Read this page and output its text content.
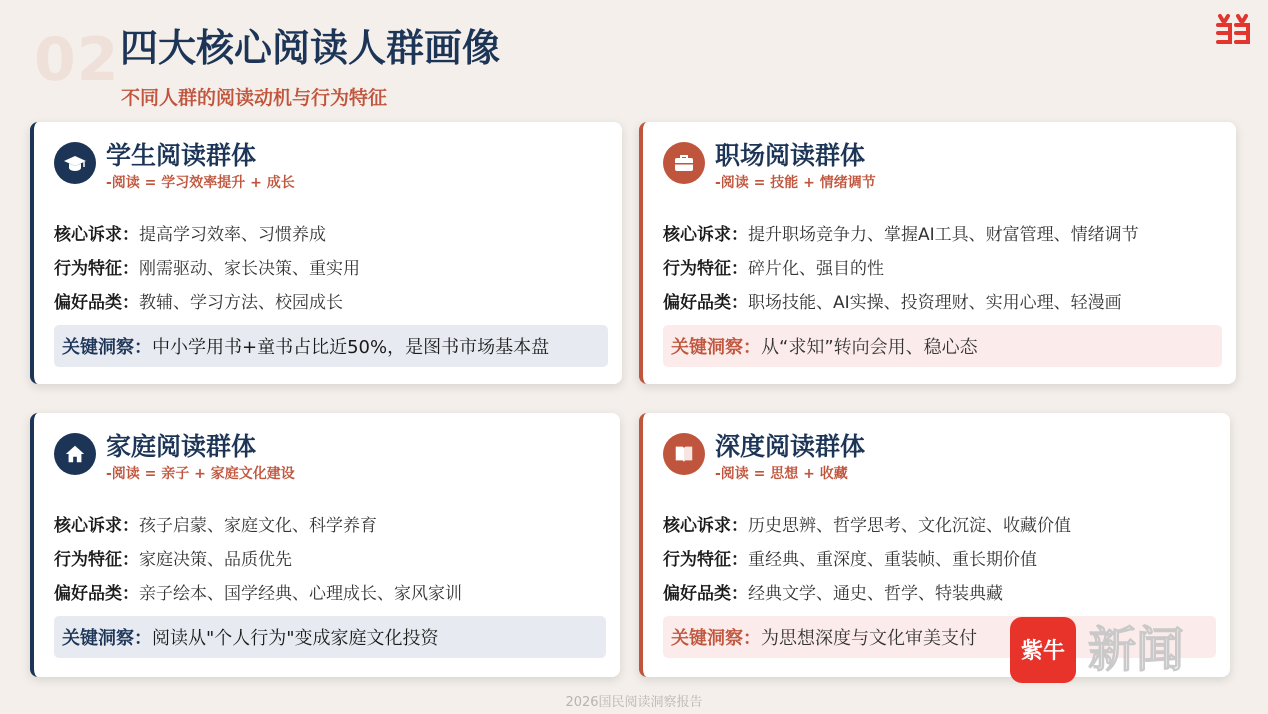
02 四大核心阅读人群画像
不同人群的阅读动机与行为特征
学生阅读群体
-阅读 = 学习效率提升 + 成长
核心诉求：提高学习效率、习惯养成
行为特征：刚需驱动、家长决策、重实用
偏好品类：教辅、学习方法、校园成长
关键洞察： 中小学用书+童书占比近50%，是图书市场基本盘
职场阅读群体
-阅读 = 技能 + 情绪调节
核心诉求：提升职场竞争力、掌握AI工具、财富管理、情绪调节
行为特征：碎片化、强目的性
偏好品类：职场技能、AI实操、投资理财、实用心理、轻漫画
关键洞察： 从“求知”转向会用、稳心态
家庭阅读群体
-阅读 = 亲子 + 家庭文化建设
核心诉求：孩子启蒙、家庭文化、科学养育
行为特征：家庭决策、品质优先
偏好品类：亲子绘本、国学经典、心理成长、家风家训
关键洞察： 阅读从"个人行为"变成家庭文化投资
深度阅读群体
-阅读 = 思想 + 收藏
核心诉求：历史思辨、哲学思考、文化沉淀、收藏价值
行为特征：重经典、重深度、重装帧、重长期价值
偏好品类：经典文学、通史、哲学、特装典藏
关键洞察： 为思想深度与文化审美支付
2026国民阅读洞察报告
紫牛 新闻
